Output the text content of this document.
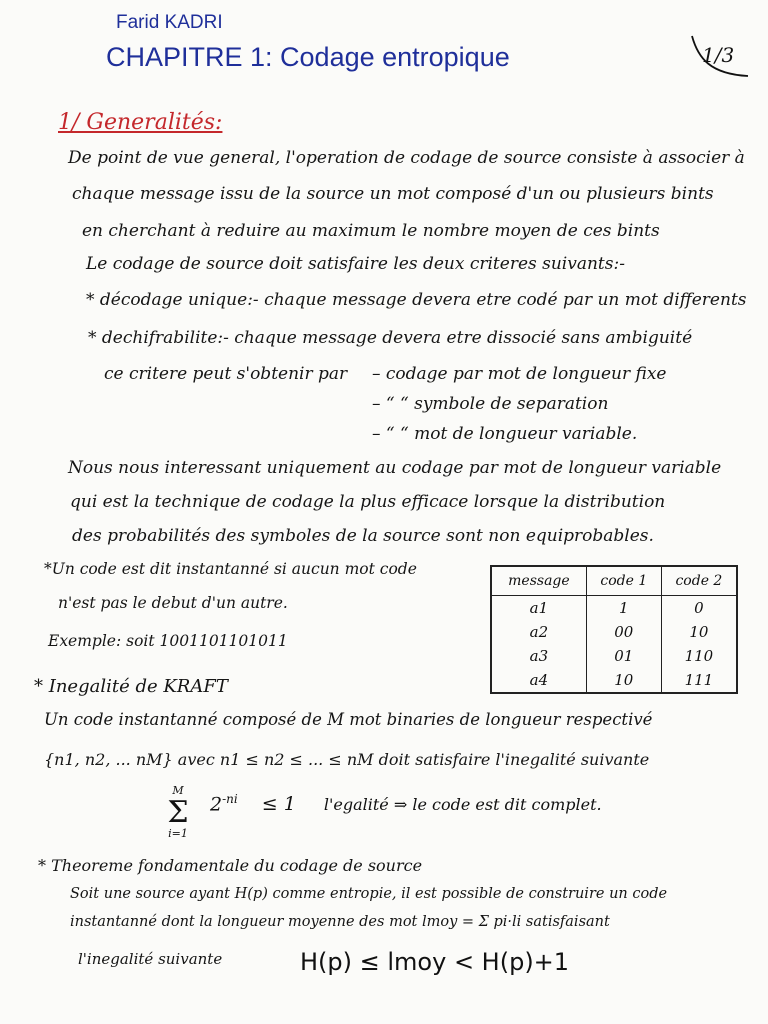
Farid KADRI
CHAPITRE 1: Codage entropique	1/3
1/ Generalités:
De point de vue general, l'operation de codage de source consiste à associer à
chaque message issu de la source un mot composé d'un ou plusieurs bints
en cherchant à reduire au maximum le nombre moyen de ces bints
Le codage de source doit satisfaire les deux criteres suivants:-
* décodage unique:- chaque message devera etre codé par un mot differents
* dechifrabilite:- chaque message devera etre dissocié sans ambiguité
ce critere peut s'obtenir par – codage par mot de longueur fixe
– “ “ symbole de separation
– “ “ mot de longueur variable.
Nous nous interessant uniquement au codage par mot de longueur variable
qui est la technique de codage la plus efficace lorsque la distribution
des probabilités des symboles de la source sont non equiprobables.
*Un code est dit instantanné si aucun mot code
n'est pas le debut d'un autre.
Exemple: soit 1001101101011
message	code 1	code 2
a1	1	0
a2	00	10
a3	01	110
a4	10	111
* Inegalité de KRAFT
Un code instantanné composé de M mot binaries de longueur respectivé
{n1, n2, ... nM} avec n1 ≤ n2 ≤ ... ≤ nM doit satisfaire l'inegalité suivante
M
Σ
i=1
$2^{-ni} \le 1$ l'egalité ⇒ le code est dit complet.
* Theoreme fondamentale du codage de source
Soit une source ayant H(p) comme entropie, il est possible de construire un code
instantanné dont la longueur moyenne des mot lmoy = Σ pi·li satisfaisant
l'inegalité suivante	H(p) ≤ lmoy < H(p)+1
